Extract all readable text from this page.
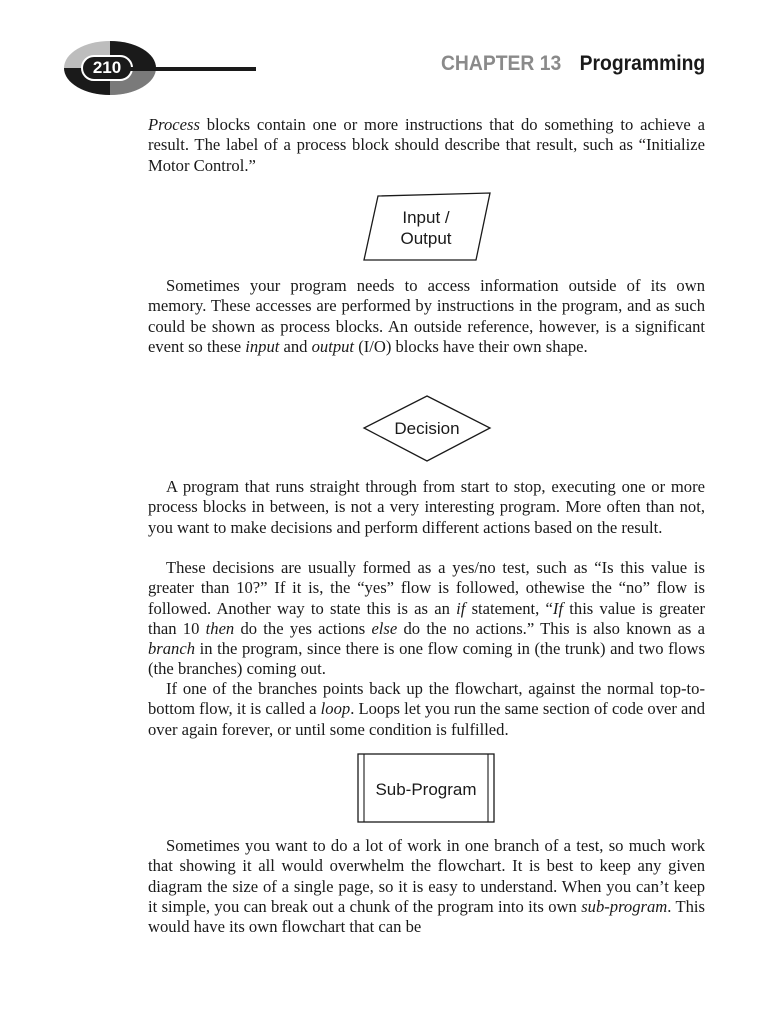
210	CHAPTER 13 Programming

Process blocks contain one or more instructions that do something to achieve a result. The label of a process block should describe that result, such as “Initialize Motor Control.”

Input /
Output

Sometimes your program needs to access information outside of its own memory. These accesses are performed by instructions in the program, and as such could be shown as process blocks. An outside reference, however, is a significant event so these input and output (I/O) blocks have their own shape.

Decision

A program that runs straight through from start to stop, executing one or more process blocks in between, is not a very interesting program. More often than not, you want to make decisions and perform different actions based on the result.

These decisions are usually formed as a yes/no test, such as “Is this value is greater than 10?” If it is, the “yes” flow is followed, othewise the “no” flow is followed. Another way to state this is as an if statement, “If this value is greater than 10 then do the yes actions else do the no actions.” This is also known as a branch in the program, since there is one flow coming in (the trunk) and two flows (the branches) coming out.

If one of the branches points back up the flowchart, against the normal top-to-bottom flow, it is called a loop. Loops let you run the same section of code over and over again forever, or until some condition is fulfilled.

Sub-Program

Sometimes you want to do a lot of work in one branch of a test, so much work that showing it all would overwhelm the flowchart. It is best to keep any given diagram the size of a single page, so it is easy to understand. When you can’t keep it simple, you can break out a chunk of the program into its own sub-program. This would have its own flowchart that can be
